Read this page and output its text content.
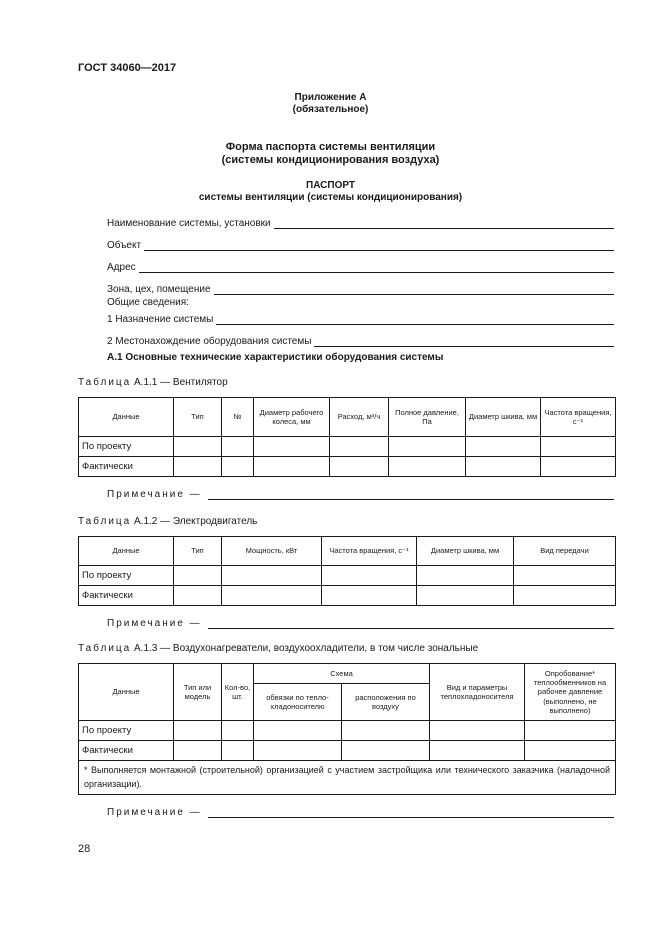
ГОСТ 34060—2017
Приложение А
(обязательное)
Форма паспорта системы вентиляции
(системы кондиционирования воздуха)
ПАСПОРТ
системы вентиляции (системы кондиционирования)
Наименование системы, установки
Объект
Адрес
Зона, цех, помещение
Общие сведения:
1 Назначение системы
2 Местонахождение оборудования системы
А.1 Основные технические характеристики оборудования системы
Таблица А.1.1 — Вентилятор
Данные	Тип	№	Диаметр рабочего колеса, мм	Расход, м³/ч	Полное давление, Па	Диаметр шкива, мм	Частота вращения, с⁻¹
По проекту							
Фактически							
Примечание —
Таблица А.1.2 — Электродвигатель
Данные	Тип	Мощность, кВт	Частота вращения, с⁻¹	Диаметр шкива, мм	Вид передачи
По проекту					
Фактически					
Примечание —
Таблица А.1.3 — Воздухонагреватели, воздухоохладители, в том числе зональные
Данные	Тип или модель	Кол-во, шт.	Схема		Вид и параметры теплохладоносителя	Опробование* теплообменников на рабочее давление (выполнено, не выполнено)
			обвязки по тепло-хладоносителю	расположения по воздуху		
По проекту						
Фактически						
* Выполняется монтажной (строительной) организацией с участием застройщика или технического заказчика (наладочной организации).						
Примечание —
28
